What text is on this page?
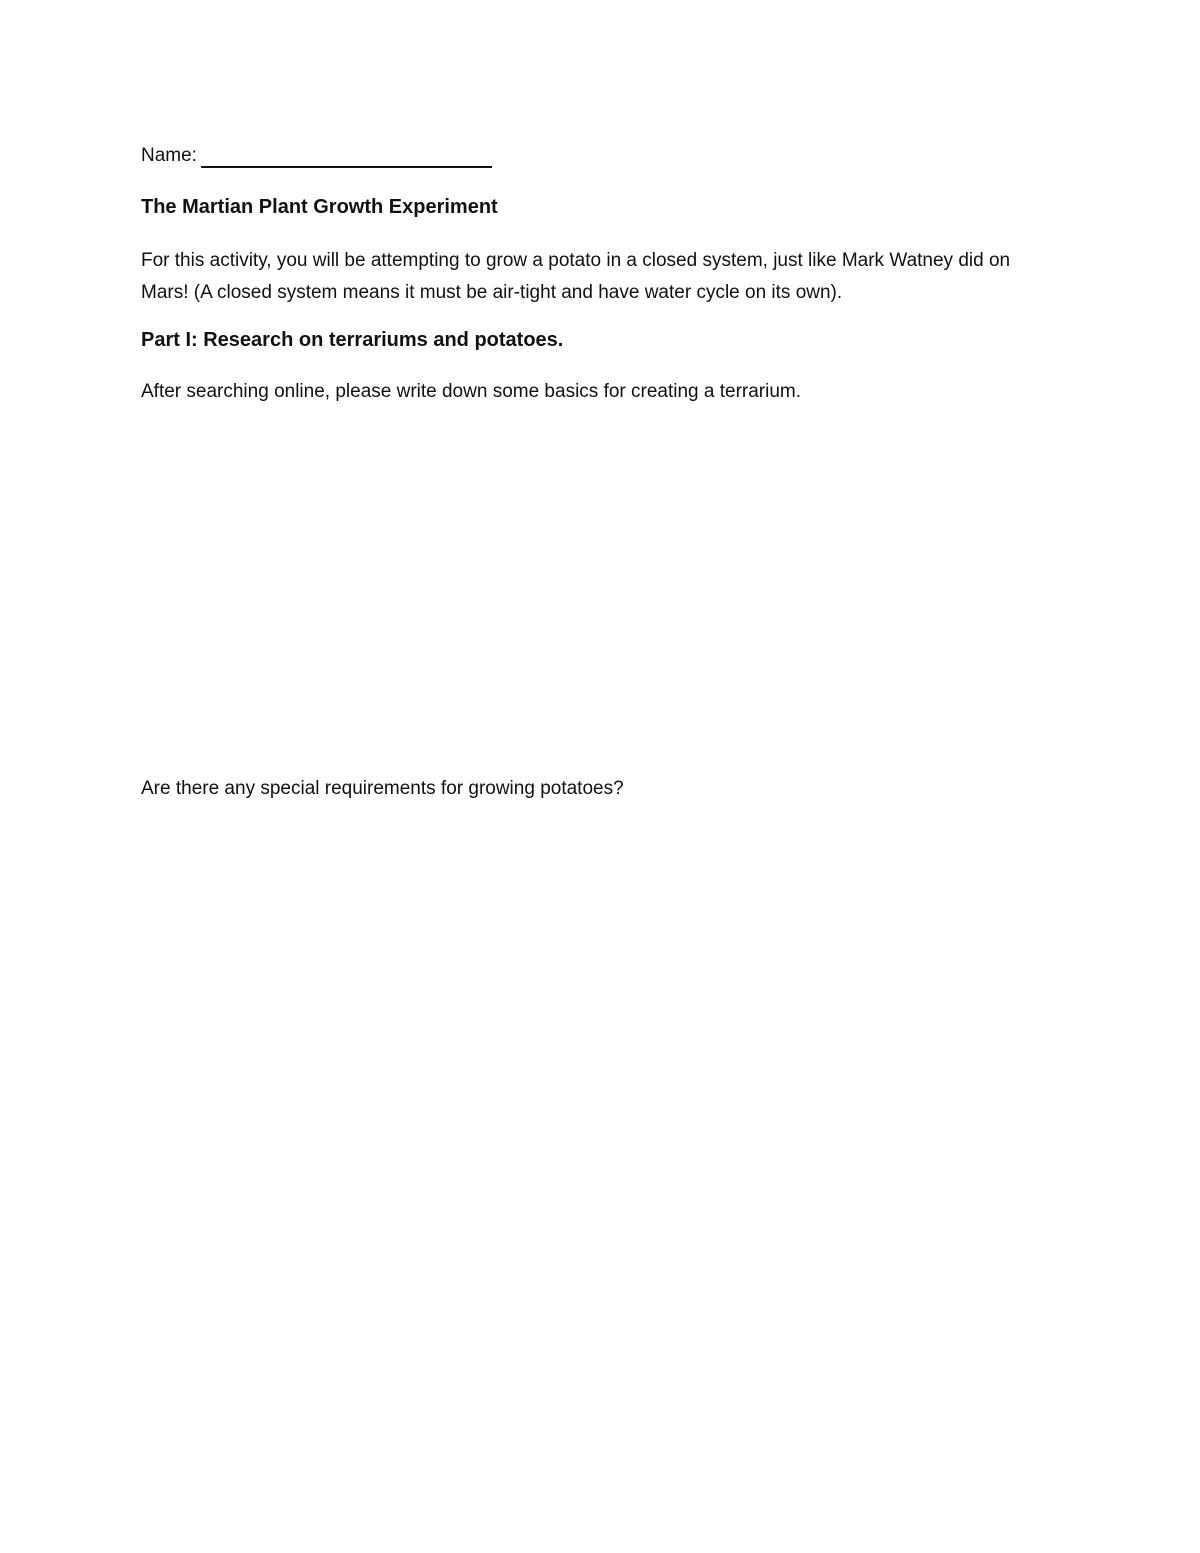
Name:
The Martian Plant Growth Experiment
For this activity, you will be attempting to grow a potato in a closed system, just like Mark Watney did on Mars! (A closed system means it must be air-tight and have water cycle on its own).
Part I: Research on terrariums and potatoes.
After searching online, please write down some basics for creating a terrarium.
Are there any special requirements for growing potatoes?
